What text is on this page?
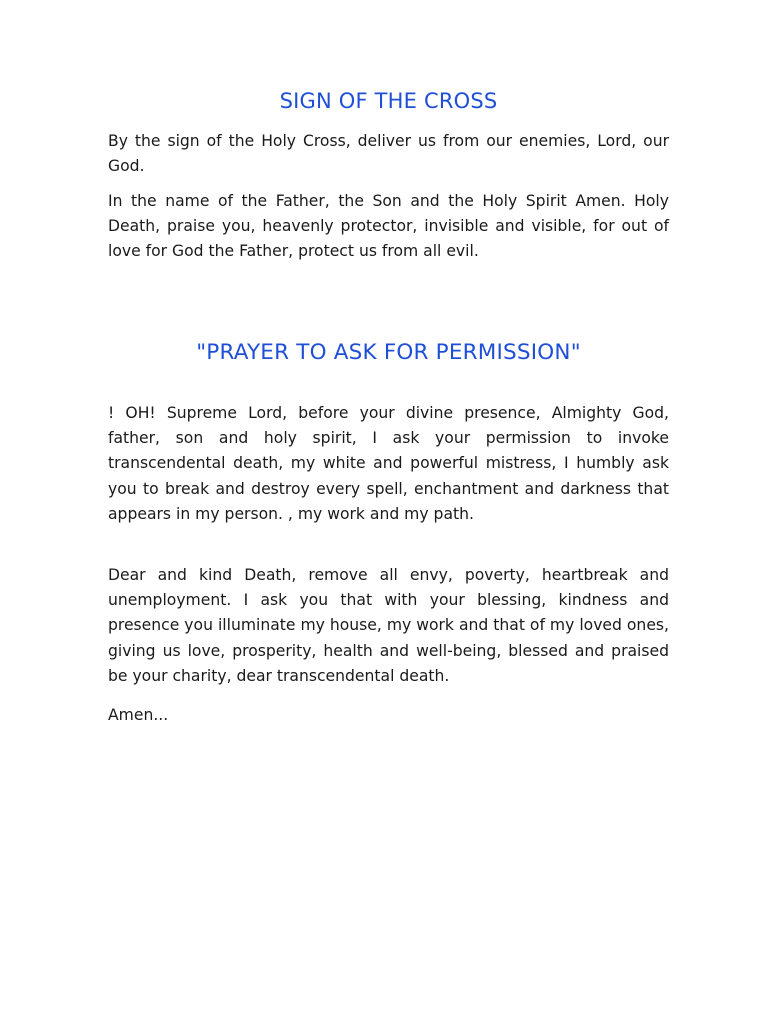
SIGN OF THE CROSS

By the sign of the Holy Cross, deliver us from our enemies, Lord, our God.

In the name of the Father, the Son and the Holy Spirit Amen. Holy Death, praise you, heavenly protector, invisible and visible, for out of love for God the Father, protect us from all evil.

"PRAYER TO ASK FOR PERMISSION"

! OH! Supreme Lord, before your divine presence, Almighty God, father, son and holy spirit, I ask your permission to invoke transcendental death, my white and powerful mistress, I humbly ask you to break and destroy every spell, enchantment and darkness that appears in my person. , my work and my path.

Dear and kind Death, remove all envy, poverty, heartbreak and unemployment. I ask you that with your blessing, kindness and presence you illuminate my house, my work and that of my loved ones, giving us love, prosperity, health and well-being, blessed and praised be your charity, dear transcendental death.

Amen...
